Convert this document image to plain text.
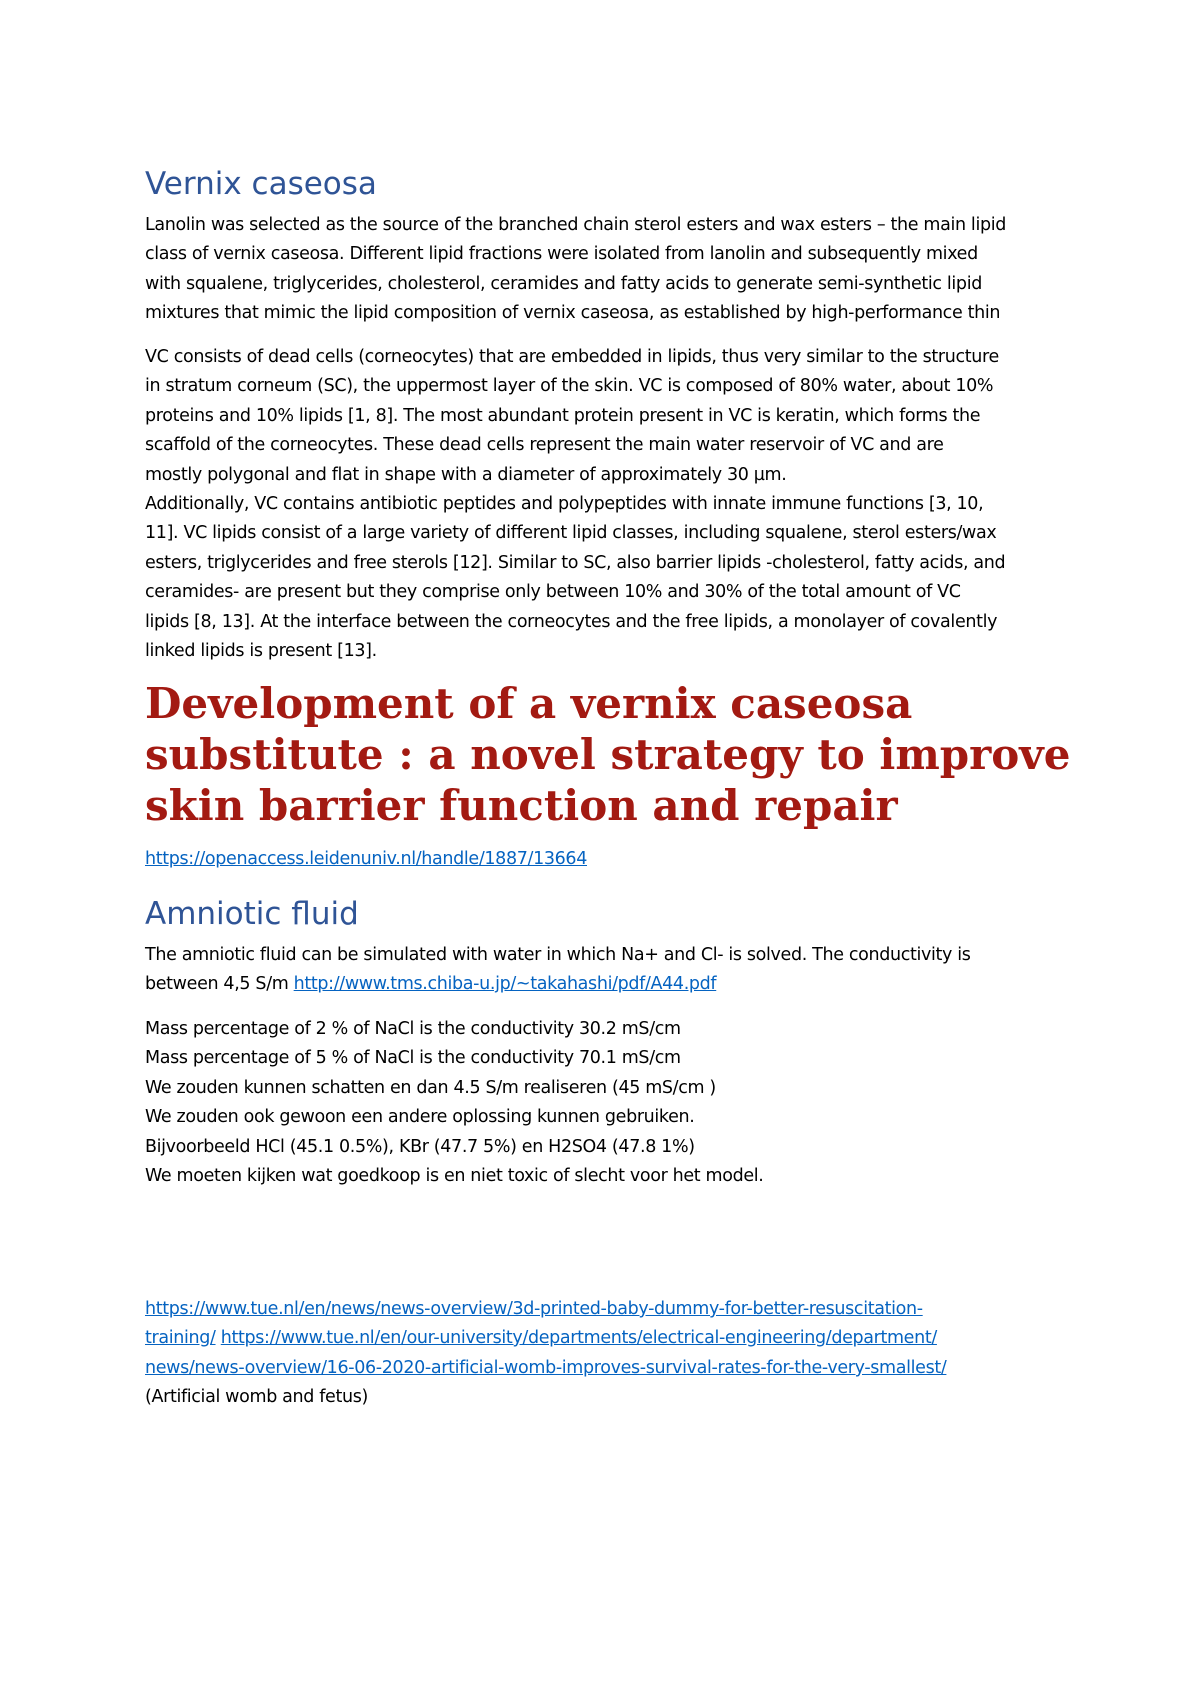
Vernix caseosa
Lanolin was selected as the source of the branched chain sterol esters and wax esters – the main lipid
class of vernix caseosa. Different lipid fractions were isolated from lanolin and subsequently mixed
with squalene, triglycerides, cholesterol, ceramides and fatty acids to generate semi-synthetic lipid
mixtures that mimic the lipid composition of vernix caseosa, as established by high-performance thin
VC consists of dead cells (corneocytes) that are embedded in lipids, thus very similar to the structure
in stratum corneum (SC), the uppermost layer of the skin. VC is composed of 80% water, about 10%
proteins and 10% lipids [1, 8]. The most abundant protein present in VC is keratin, which forms the
scaffold of the corneocytes. These dead cells represent the main water reservoir of VC and are
mostly polygonal and flat in shape with a diameter of approximately 30 µm.
Additionally, VC contains antibiotic peptides and polypeptides with innate immune functions [3, 10,
11]. VC lipids consist of a large variety of different lipid classes, including squalene, sterol esters/wax
esters, triglycerides and free sterols [12]. Similar to SC, also barrier lipids -cholesterol, fatty acids, and
ceramides- are present but they comprise only between 10% and 30% of the total amount of VC
lipids [8, 13]. At the interface between the corneocytes and the free lipids, a monolayer of covalently
linked lipids is present [13].
Development of a vernix caseosa
substitute : a novel strategy to improve
skin barrier function and repair
https://openaccess.leidenuniv.nl/handle/1887/13664
Amniotic fluid
The amniotic fluid can be simulated with water in which Na+ and Cl- is solved. The conductivity is
between 4,5 S/m http://www.tms.chiba-u.jp/~takahashi/pdf/A44.pdf
Mass percentage of 2 % of NaCl is the conductivity 30.2 mS/cm
Mass percentage of 5 % of NaCl is the conductivity 70.1 mS/cm
We zouden kunnen schatten en dan 4.5 S/m realiseren (45 mS/cm )
We zouden ook gewoon een andere oplossing kunnen gebruiken.
Bijvoorbeeld HCl (45.1 0.5%), KBr (47.7 5%) en H2SO4 (47.8 1%)
We moeten kijken wat goedkoop is en niet toxic of slecht voor het model.
https://www.tue.nl/en/news/news-overview/3d-printed-baby-dummy-for-better-resuscitation-
training/ https://www.tue.nl/en/our-university/departments/electrical-engineering/department/
news/news-overview/16-06-2020-artificial-womb-improves-survival-rates-for-the-very-smallest/
(Artificial womb and fetus)
